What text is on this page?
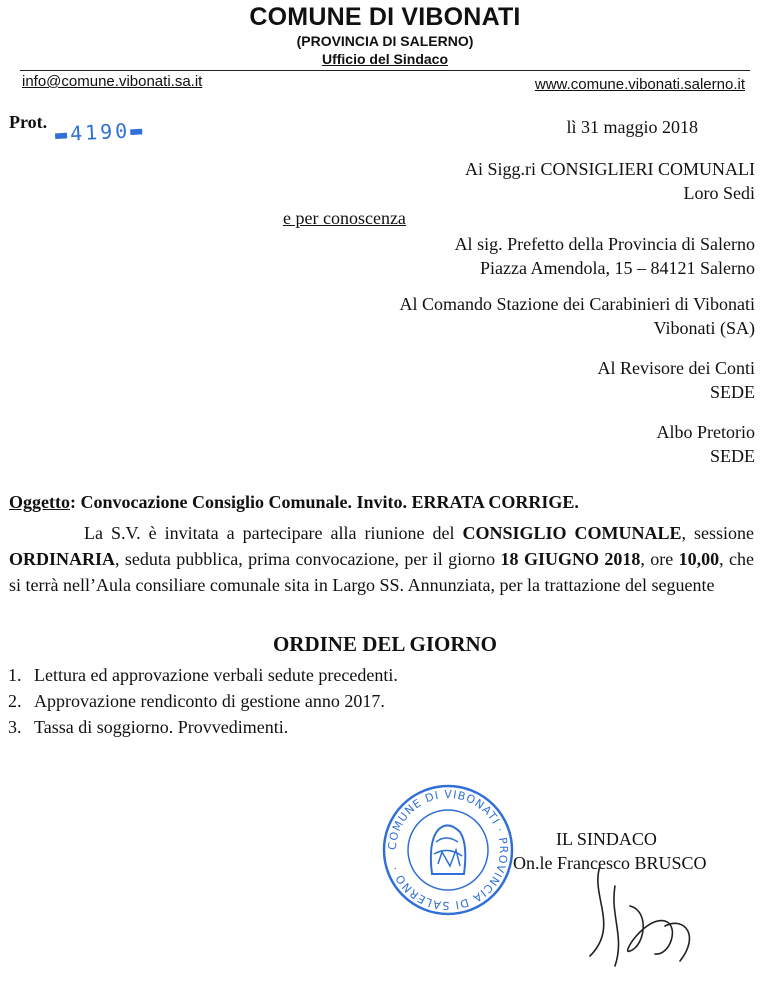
COMUNE DI VIBONATI
(PROVINCIA DI SALERNO)
Ufficio del Sindaco
info@comune.vibonati.sa.it	www.comune.vibonati.salerno.it
Prot. ▬4190▬	lì 31 maggio 2018
Ai Sigg.ri CONSIGLIERI COMUNALI
Loro Sedi
e per conoscenza
Al sig. Prefetto della Provincia di Salerno
Piazza Amendola, 15 – 84121 Salerno
Al Comando Stazione dei Carabinieri di Vibonati
Vibonati (SA)
Al Revisore dei Conti
SEDE
Albo Pretorio
SEDE
Oggetto: Convocazione Consiglio Comunale. Invito. ERRATA CORRIGE.
La S.V. è invitata a partecipare alla riunione del CONSIGLIO COMUNALE, sessione ORDINARIA, seduta pubblica, prima convocazione, per il giorno 18 GIUGNO 2018, ore 10,00, che si terrà nell’Aula consiliare comunale sita in Largo SS. Annunziata, per la trattazione del seguente
ORDINE DEL GIORNO
1. Lettura ed approvazione verbali sedute precedenti.
2. Approvazione rendiconto di gestione anno 2017.
3. Tassa di soggiorno. Provvedimenti.
COMUNE DI VIBONATI · PROVINCIA DI SALERNO ·
IL SINDACO
On.le Francesco BRUSCO
